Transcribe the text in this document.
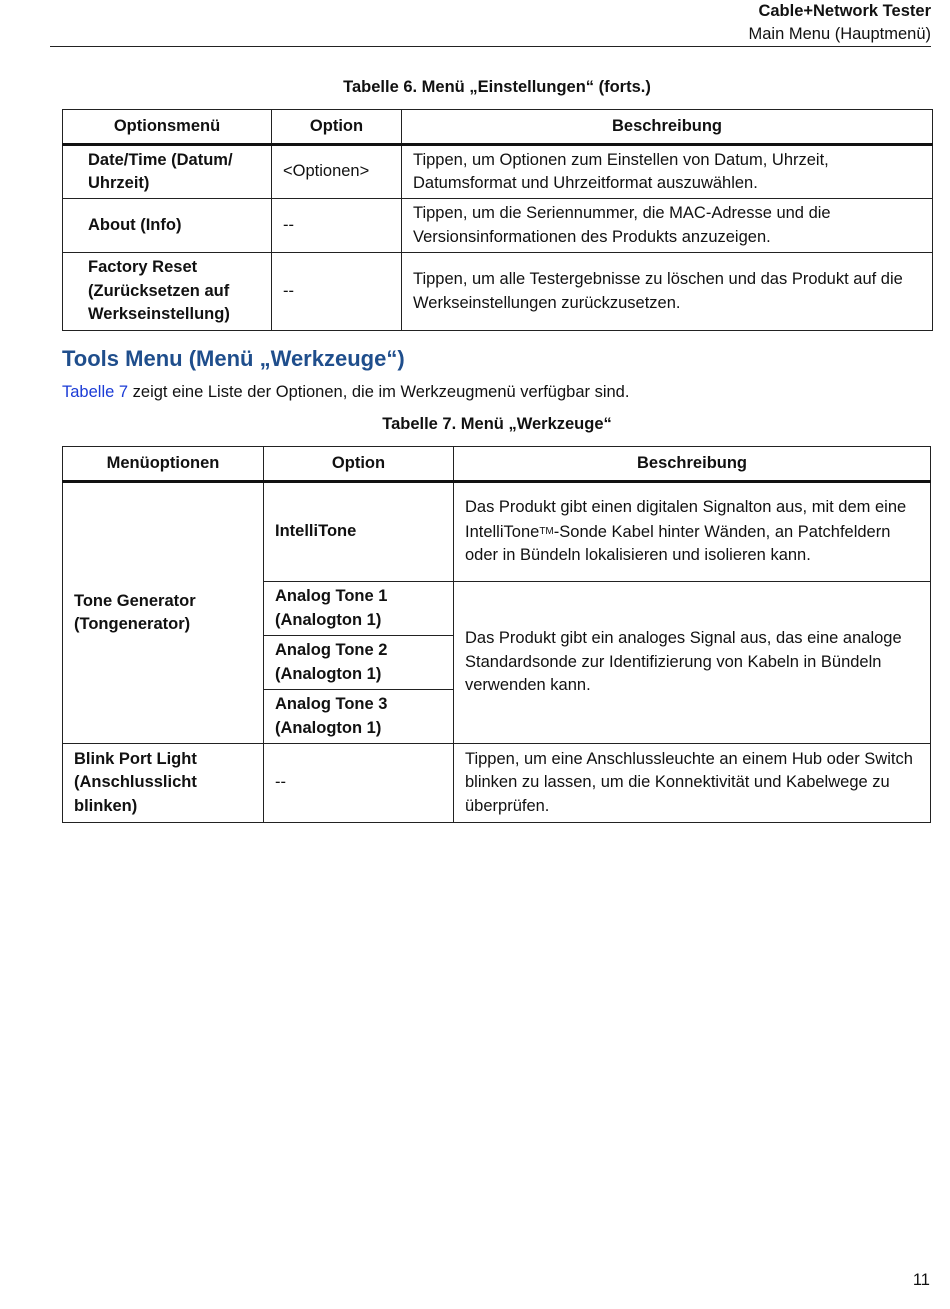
Cable+Network Tester
Main Menu (Hauptmenü)
Tabelle 6. Menü „Einstellungen“ (forts.)
Optionsmenü	Option	Beschreibung
Date/Time (Datum/ Uhrzeit)	<Optionen>	Tippen, um Optionen zum Einstellen von Datum, Uhrzeit, Datumsformat und Uhrzeitformat auszuwählen.
About (Info)	--	Tippen, um die Seriennummer, die MAC-Adresse und die Versionsinformationen des Produkts anzuzeigen.
Factory Reset (Zurücksetzen auf Werkseinstellung)	--	Tippen, um alle Testergebnisse zu löschen und das Produkt auf die Werkseinstellungen zurückzusetzen.
Tools Menu (Menü „Werkzeuge“)
Tabelle 7 zeigt eine Liste der Optionen, die im Werkzeugmenü verfügbar sind.
Tabelle 7. Menü „Werkzeuge“
Menüoptionen	Option	Beschreibung
Tone Generator (Tongenerator)	IntelliTone	Das Produkt gibt einen digitalen Signalton aus, mit dem eine IntelliToneTM-Sonde Kabel hinter Wänden, an Patchfeldern oder in Bündeln lokalisieren und isolieren kann.
	Analog Tone 1 (Analogton 1)	Das Produkt gibt ein analoges Signal aus, das eine analoge Standardsonde zur Identifizierung von Kabeln in Bündeln verwenden kann.
	Analog Tone 2 (Analogton 1)	
	Analog Tone 3 (Analogton 1)	
Blink Port Light (Anschlusslicht blinken)	--	Tippen, um eine Anschlussleuchte an einem Hub oder Switch blinken zu lassen, um die Konnektivität und Kabelwege zu überprüfen.
11
